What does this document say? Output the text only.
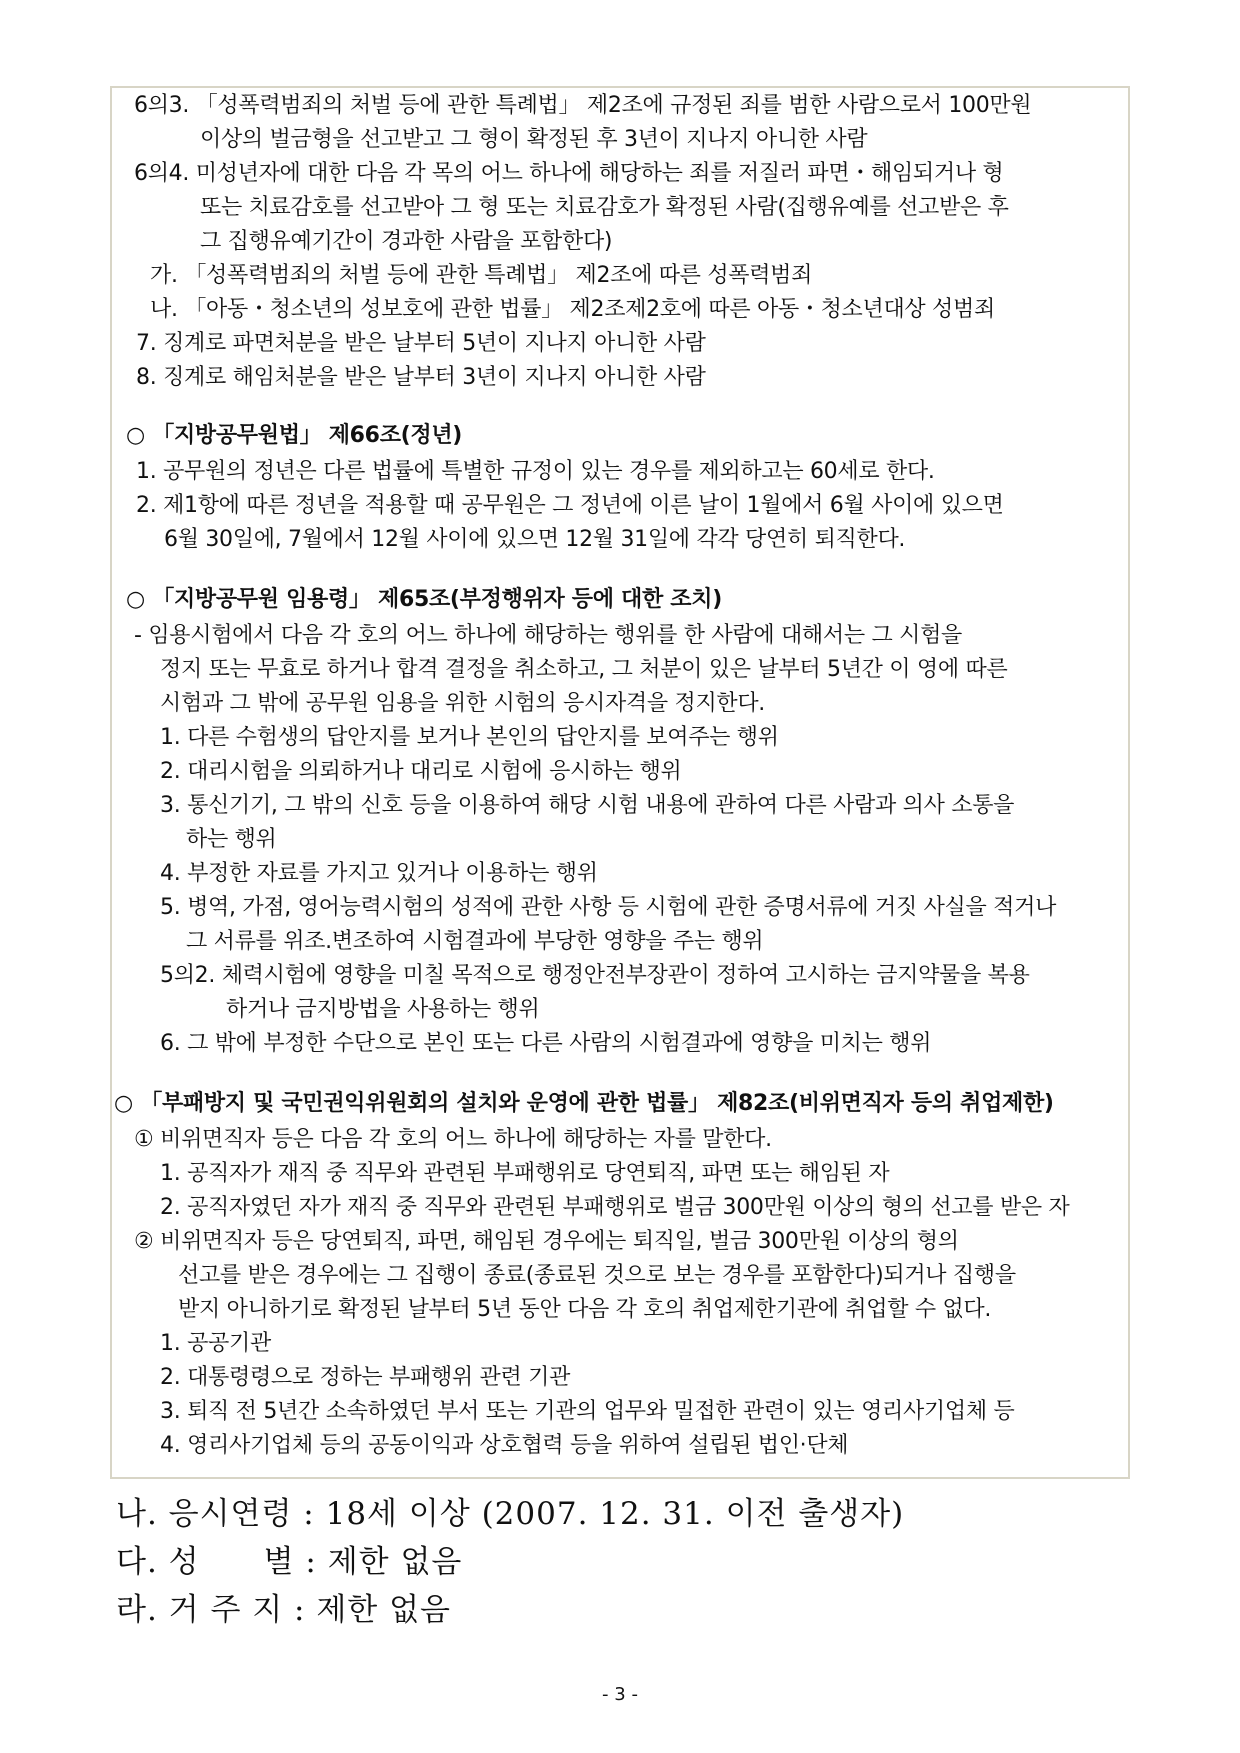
6의3. 「성폭력범죄의 처벌 등에 관한 특례법」 제2조에 규정된 죄를 범한 사람으로서 100만원
이상의 벌금형을 선고받고 그 형이 확정된 후 3년이 지나지 아니한 사람
6의4. 미성년자에 대한 다음 각 목의 어느 하나에 해당하는 죄를 저질러 파면・해임되거나 형
또는 치료감호를 선고받아 그 형 또는 치료감호가 확정된 사람(집행유예를 선고받은 후
그 집행유예기간이 경과한 사람을 포함한다)
가. 「성폭력범죄의 처벌 등에 관한 특례법」 제2조에 따른 성폭력범죄
나. 「아동・청소년의 성보호에 관한 법률」 제2조제2호에 따른 아동・청소년대상 성범죄
7. 징계로 파면처분을 받은 날부터 5년이 지나지 아니한 사람
8. 징계로 해임처분을 받은 날부터 3년이 지나지 아니한 사람
○ 「지방공무원법」 제66조(정년)
1. 공무원의 정년은 다른 법률에 특별한 규정이 있는 경우를 제외하고는 60세로 한다.
2. 제1항에 따른 정년을 적용할 때 공무원은 그 정년에 이른 날이 1월에서 6월 사이에 있으면
6월 30일에, 7월에서 12월 사이에 있으면 12월 31일에 각각 당연히 퇴직한다.
○ 「지방공무원 임용령」 제65조(부정행위자 등에 대한 조치)
- 임용시험에서 다음 각 호의 어느 하나에 해당하는 행위를 한 사람에 대해서는 그 시험을
정지 또는 무효로 하거나 합격 결정을 취소하고, 그 처분이 있은 날부터 5년간 이 영에 따른
시험과 그 밖에 공무원 임용을 위한 시험의 응시자격을 정지한다.
1. 다른 수험생의 답안지를 보거나 본인의 답안지를 보여주는 행위
2. 대리시험을 의뢰하거나 대리로 시험에 응시하는 행위
3. 통신기기, 그 밖의 신호 등을 이용하여 해당 시험 내용에 관하여 다른 사람과 의사 소통을
하는 행위
4. 부정한 자료를 가지고 있거나 이용하는 행위
5. 병역, 가점, 영어능력시험의 성적에 관한 사항 등 시험에 관한 증명서류에 거짓 사실을 적거나
그 서류를 위조.변조하여 시험결과에 부당한 영향을 주는 행위
5의2. 체력시험에 영향을 미칠 목적으로 행정안전부장관이 정하여 고시하는 금지약물을 복용
하거나 금지방법을 사용하는 행위
6. 그 밖에 부정한 수단으로 본인 또는 다른 사람의 시험결과에 영향을 미치는 행위
○ 「부패방지 및 국민권익위원회의 설치와 운영에 관한 법률」 제82조(비위면직자 등의 취업제한)
① 비위면직자 등은 다음 각 호의 어느 하나에 해당하는 자를 말한다.
1. 공직자가 재직 중 직무와 관련된 부패행위로 당연퇴직, 파면 또는 해임된 자
2. 공직자였던 자가 재직 중 직무와 관련된 부패행위로 벌금 300만원 이상의 형의 선고를 받은 자
② 비위면직자 등은 당연퇴직, 파면, 해임된 경우에는 퇴직일, 벌금 300만원 이상의 형의
선고를 받은 경우에는 그 집행이 종료(종료된 것으로 보는 경우를 포함한다)되거나 집행을
받지 아니하기로 확정된 날부터 5년 동안 다음 각 호의 취업제한기관에 취업할 수 없다.
1. 공공기관
2. 대통령령으로 정하는 부패행위 관련 기관
3. 퇴직 전 5년간 소속하였던 부서 또는 기관의 업무와 밀접한 관련이 있는 영리사기업체 등
4. 영리사기업체 등의 공동이익과 상호협력 등을 위하여 설립된 법인·단체
나. 응시연령 : 18세 이상 (2007. 12. 31. 이전 출생자)
다. 성　　별 : 제한 없음
라. 거 주 지 : 제한 없음
- 3 -
